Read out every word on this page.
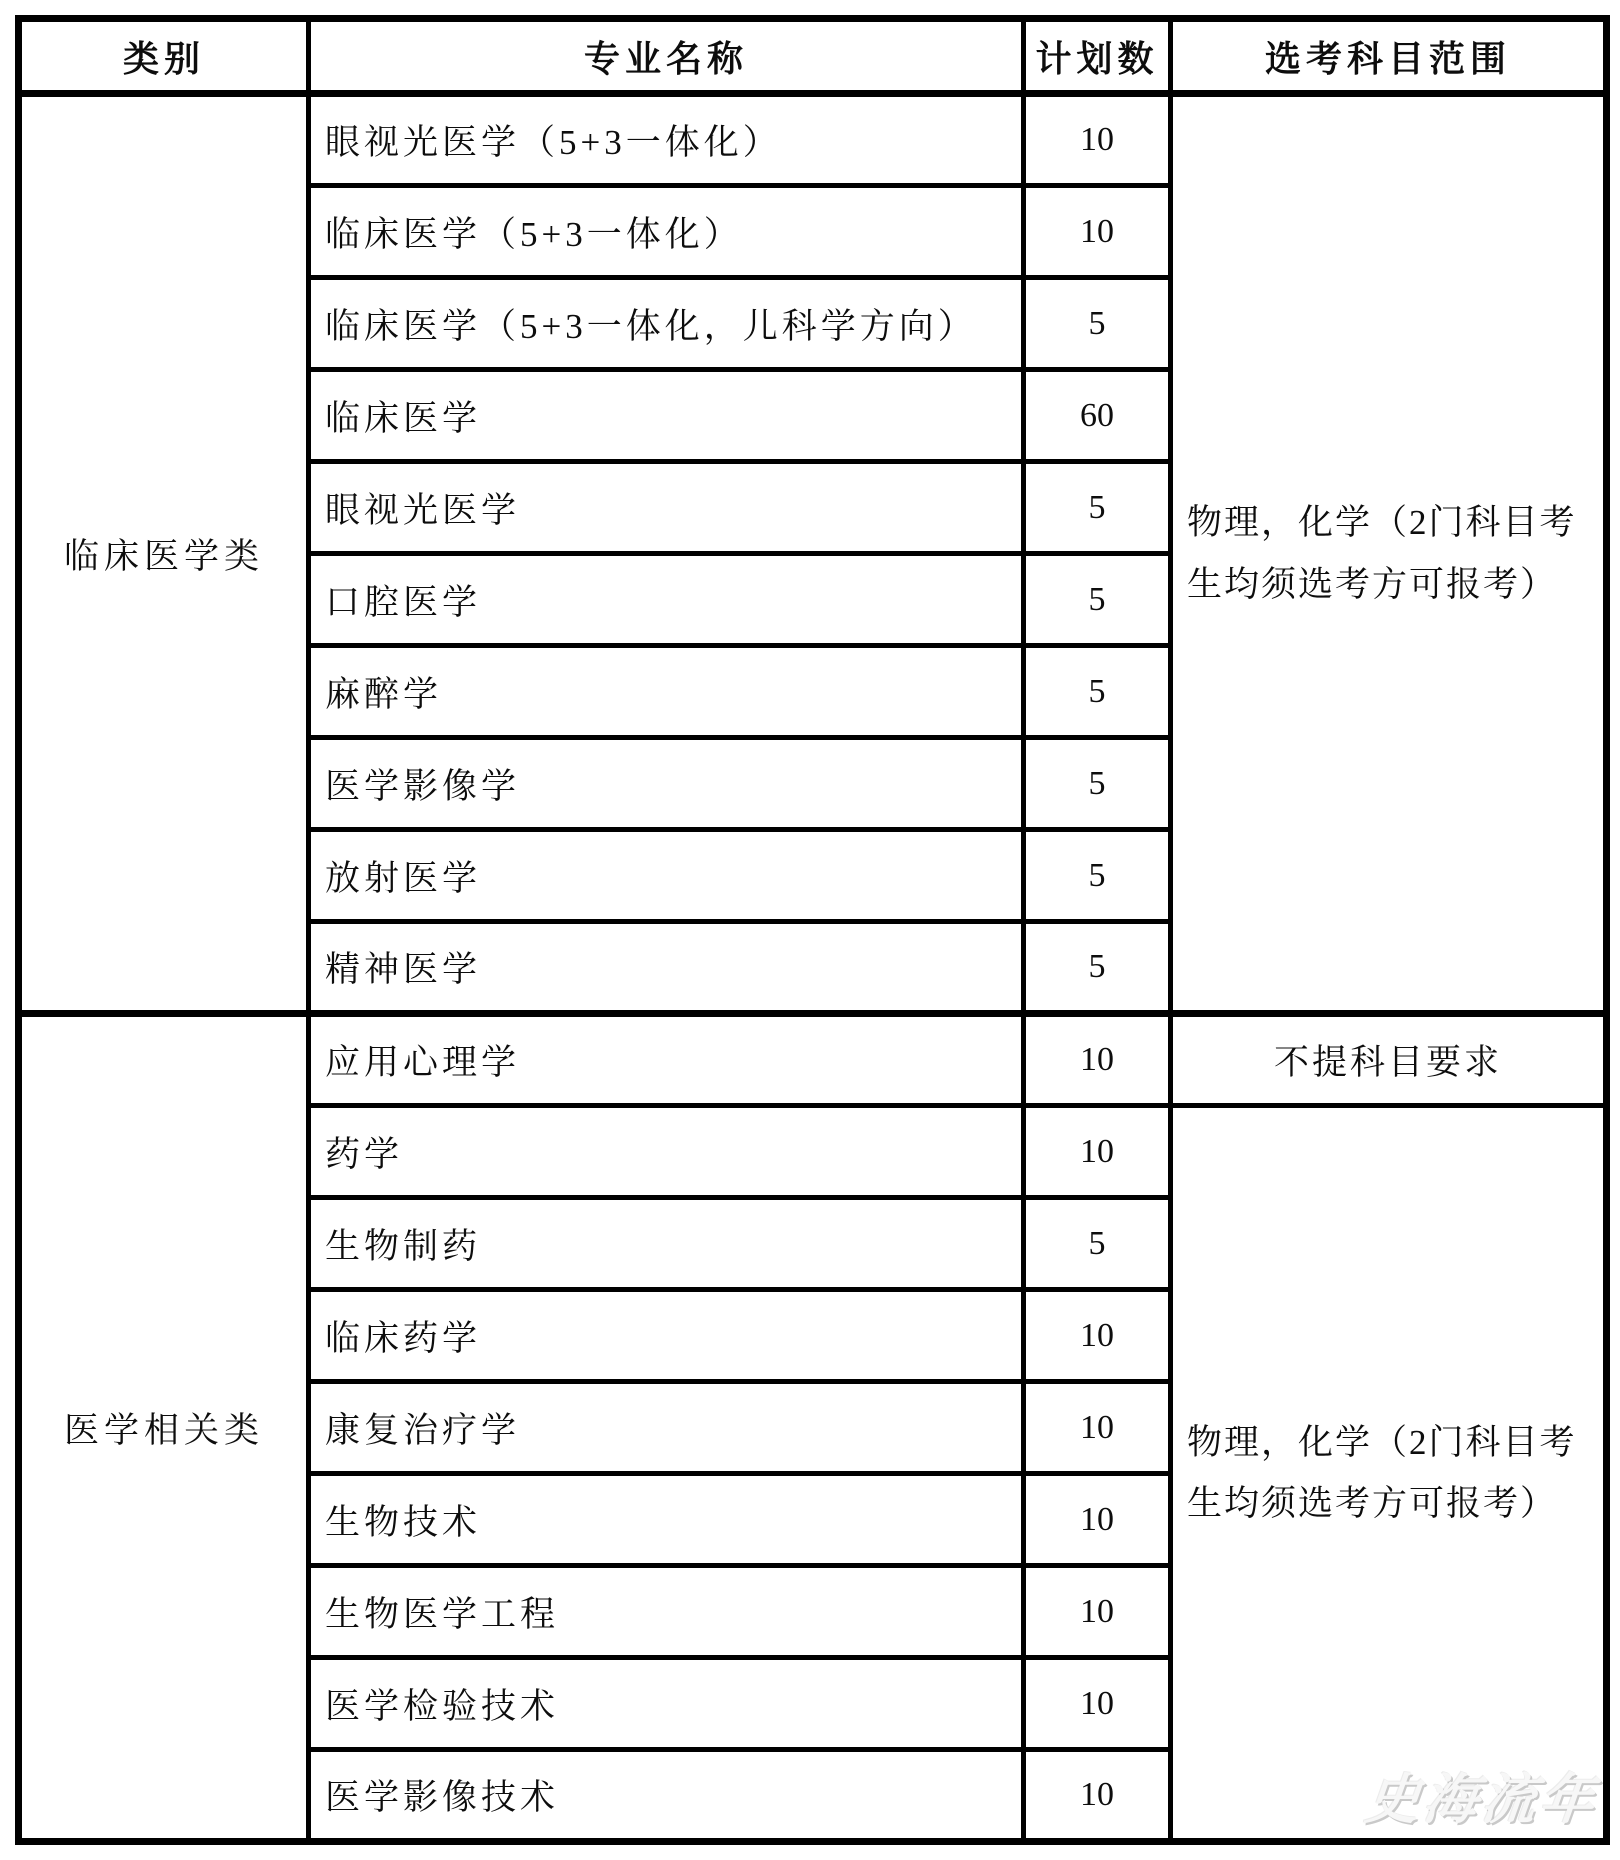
类别	专业名称	计划数	选考科目范围
临床医学类	眼视光医学（5+3一体化）	10	物理，化学（2门科目考生均须选考方可报考）
	临床医学（5+3一体化）	10	
	临床医学（5+3一体化，儿科学方向）	5	
	临床医学	60	
	眼视光医学	5	
	口腔医学	5	
	麻醉学	5	
	医学影像学	5	
	放射医学	5	
	精神医学	5	
医学相关类	应用心理学	10	不提科目要求
	药学	10	物理，化学（2门科目考生均须选考方可报考）
	生物制药	5	
	临床药学	10	
	康复治疗学	10	
	生物技术	10	
	生物医学工程	10	
	医学检验技术	10	
	医学影像技术	10		史海流年
